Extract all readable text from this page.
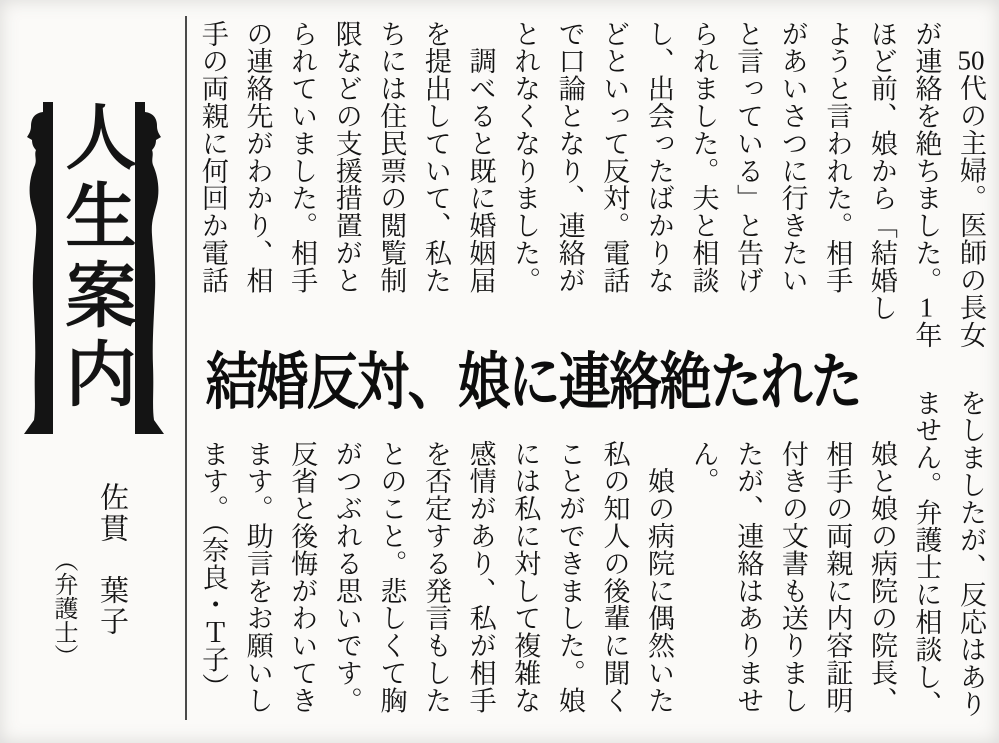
人生案内
佐貫　葉子
（弁護士）
　50代の主婦。医師の長女
が連絡を絶ちました。1年
ほど前、娘から「結婚し
ようと言われた。相手
があいさつに行きたい
と言っている」と告げ
られました。夫と相談
し、出会ったばかりな
どといって反対。電話
で口論となり、連絡が
とれなくなりました。
　調べると既に婚姻届
を提出していて、私た
ちには住民票の閲覧制
限などの支援措置がと
られていました。相手
の連絡先がわかり、相
手の両親に何回か電話
結婚反対、娘に連絡絶たれた
をしましたが、反応はあり
ません。弁護士に相談し、
娘と娘の病院の院長、
相手の両親に内容証明
付きの文書も送りまし
たが、連絡はありませ
ん。
　娘の病院に偶然いた
私の知人の後輩に聞く
ことができました。娘
には私に対して複雑な
感情があり、私が相手
を否定する発言もした
とのこと。悲しくて胸
がつぶれる思いです。
反省と後悔がわいてき
ます。助言をお願いし
ます。（奈良・Ｔ子）
